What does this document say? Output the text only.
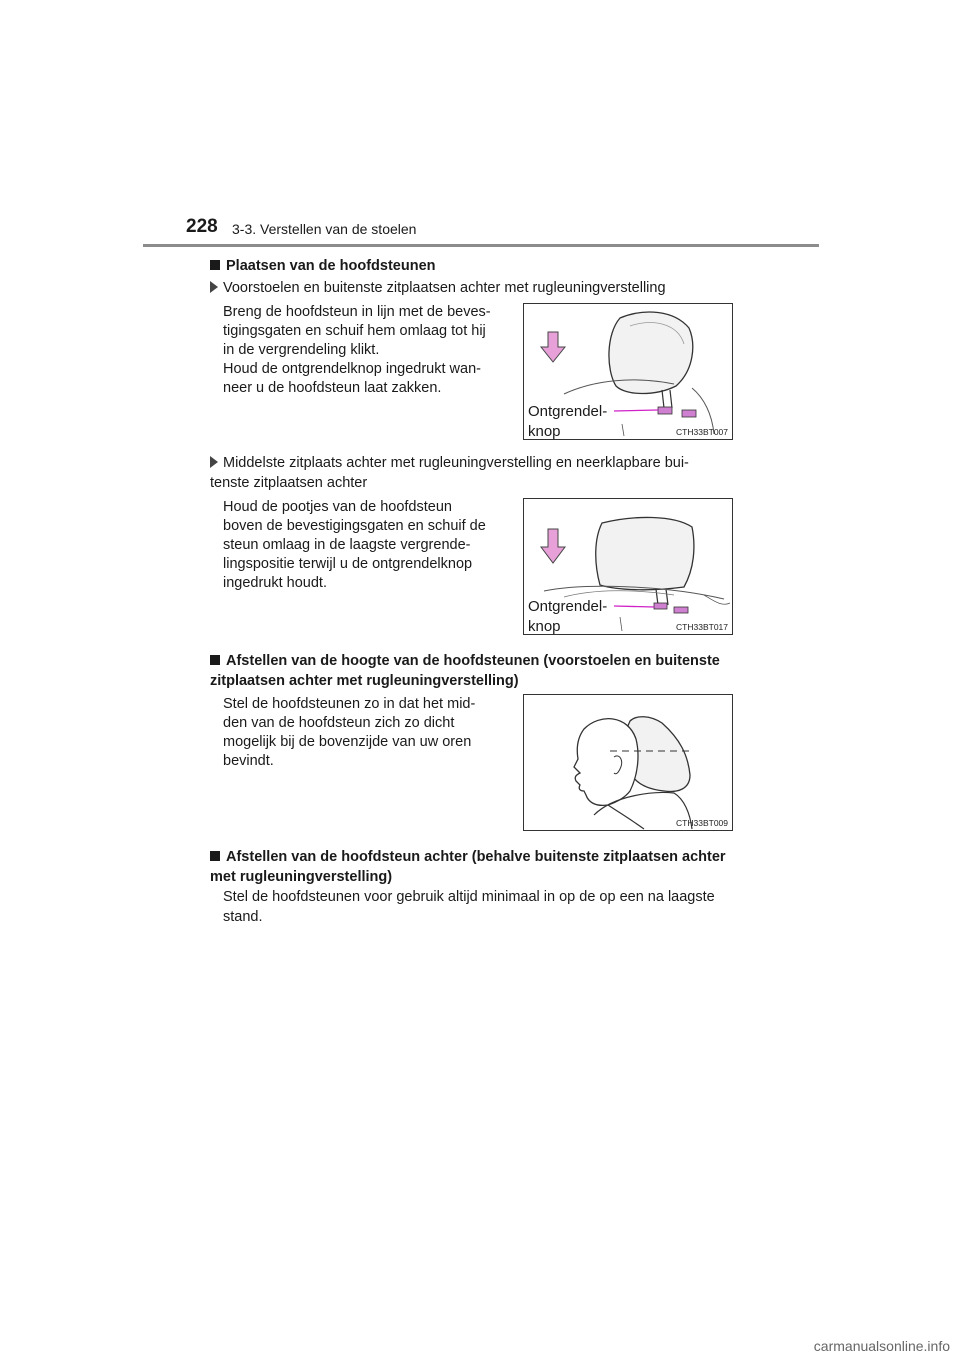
228 3-3. Verstellen van de stoelen
Plaatsen van de hoofdsteunen
Voorstoelen en buitenste zitplaatsen achter met rugleuningverstelling
Breng de hoofdsteun in lijn met de beves-
tigingsgaten en schuif hem omlaag tot hij
in de vergrendeling klikt.
Houd de ontgrendelknop ingedrukt wan-
neer u de hoofdsteun laat zakken.
Ontgrendel-
knop	CTH33BT007
Middelste zitplaats achter met rugleuningverstelling en neerklapbare bui-
tenste zitplaatsen achter
Houd de pootjes van de hoofdsteun
boven de bevestigingsgaten en schuif de
steun omlaag in de laagste vergrende-
lingspositie terwijl u de ontgrendelknop
ingedrukt houdt.
Ontgrendel-
knop	CTH33BT017
Afstellen van de hoogte van de hoofdsteunen (voorstoelen en buitenste
zitplaatsen achter met rugleuningverstelling)
Stel de hoofdsteunen zo in dat het mid-
den van de hoofdsteun zich zo dicht
mogelijk bij de bovenzijde van uw oren
bevindt.
CTH33BT009
Afstellen van de hoofdsteun achter (behalve buitenste zitplaatsen achter
met rugleuningverstelling)
Stel de hoofdsteunen voor gebruik altijd minimaal in op de op een na laagste
stand.
carmanualsonline.info
